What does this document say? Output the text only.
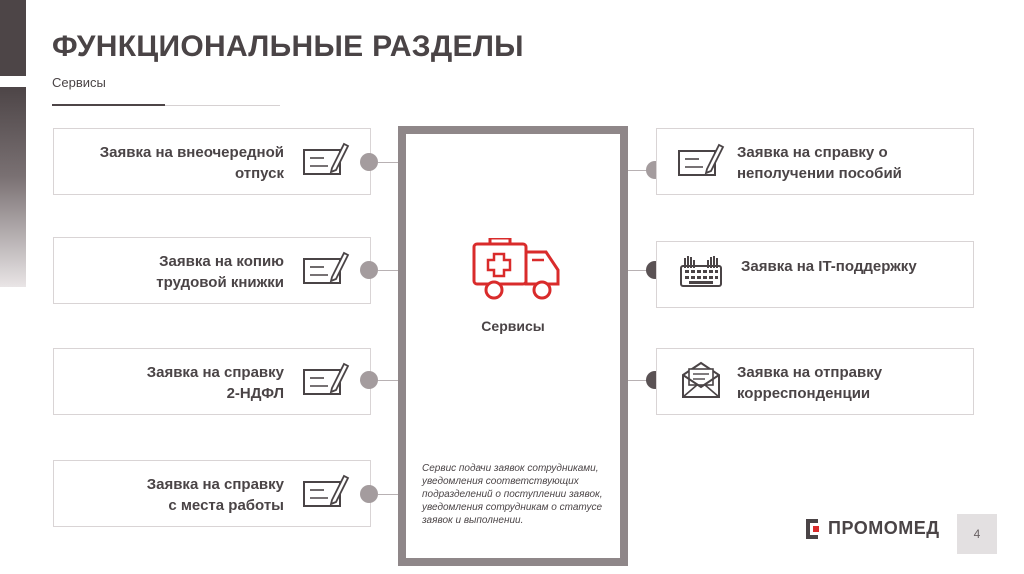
ФУНКЦИОНАЛЬНЫЕ РАЗДЕЛЫ
Сервисы
Заявка на внеочередной
отпуск
Заявка на копию
трудовой книжки
Заявка на справку
2-НДФЛ
Заявка на справку
с места работы
Сервисы
Сервис подачи заявок сотрудниками, уведомления соответствующих подразделений о поступлении заявок, уведомления сотрудникам о статусе заявок и выполнении.
Заявка на справку о
неполучении пособий
Заявка на IT-поддержку
Заявка на отправку
корреспонденции
ПРОМОМЕД	4
